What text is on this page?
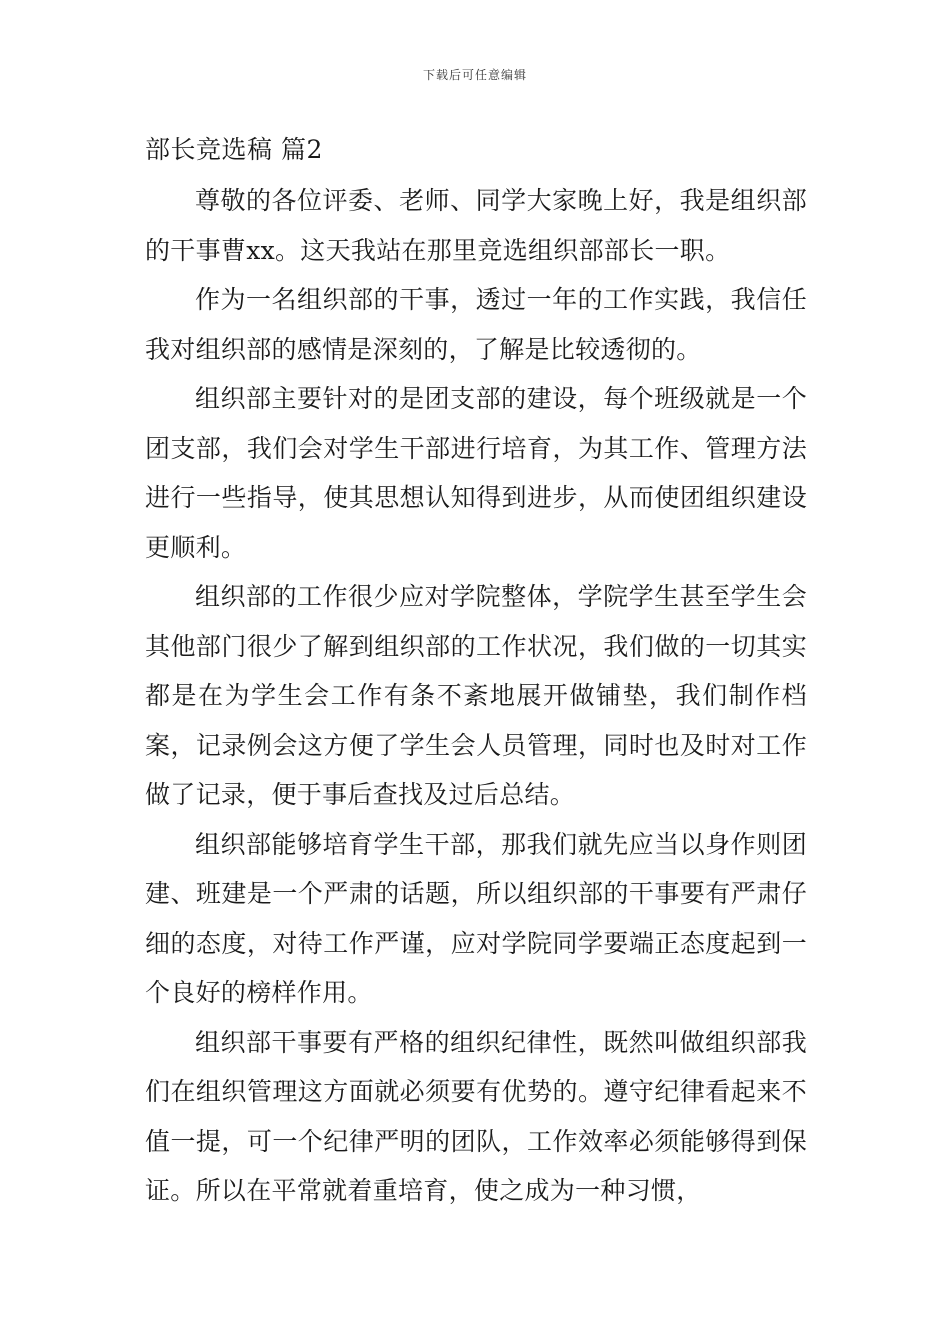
下载后可任意编辑
部长竞选稿 篇2

尊敬的各位评委、老师、同学大家晚上好，我是组织部的干事曹xx。这天我站在那里竞选组织部部长一职。

作为一名组织部的干事，透过一年的工作实践，我信任我对组织部的感情是深刻的，了解是比较透彻的。

组织部主要针对的是团支部的建设，每个班级就是一个团支部，我们会对学生干部进行培育，为其工作、管理方法进行一些指导，使其思想认知得到进步，从而使团组织建设更顺利。

组织部的工作很少应对学院整体，学院学生甚至学生会其他部门很少了解到组织部的工作状况，我们做的一切其实都是在为学生会工作有条不紊地展开做铺垫，我们制作档案，记录例会这方便了学生会人员管理，同时也及时对工作做了记录，便于事后查找及过后总结。

组织部能够培育学生干部，那我们就先应当以身作则团建、班建是一个严肃的话题，所以组织部的干事要有严肃仔细的态度，对待工作严谨，应对学院同学要端正态度起到一个良好的榜样作用。

组织部干事要有严格的组织纪律性，既然叫做组织部我们在组织管理这方面就必须要有优势的。遵守纪律看起来不值一提，可一个纪律严明的团队，工作效率必须能够得到保证。所以在平常就着重培育，使之成为一种习惯，
